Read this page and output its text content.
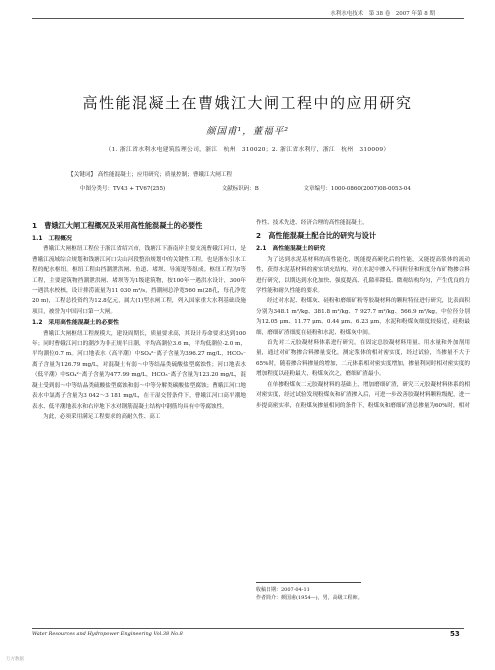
水利水电技术　第 38 卷　2007 年第 8 期
高性能混凝土在曹娥江大闸工程中的应用研究
颜国甫¹，董福平²
（1. 浙江省水利水电建筑监理公司，浙江　杭州　310020；2. 浙江省水利厅，浙江　杭州　310009）
【关键词】 高性能混凝土；应用研究；质量控制；曹娥江大闸工程
中图分类号：TV43 + TV67(255)	文献标识码：B	文章编号：1000-0860(2007)08-0053-04
1　曹娥江大闸工程概况及采用高性能混凝土的必要性
1.1　工程概况

曹娥江大闸枢纽工程位于浙江省绍兴市，钱塘江下游南岸主要支流曹娥江河口，是曹娥江流域综合规划和钱塘江河口尖山河段整治规划中的关键性工程，也是浙东引水工程的配水枢纽。枢纽工程由挡潮泄洪闸、鱼道、堵坝、导流堤等组成。枢纽工程为Ⅰ等工程，主要建筑物挡潮泄洪闸、堵坝等为1级建筑物，按100年一遇洪水设计，300年一遇洪水校核，设计排涝流量为11 030 m³/s，挡潮闸总净宽560 m(28孔，每孔净宽20 m)，工程总投资约为12.8亿元，属大(1)型水闸工程，列入国家重大水利基础设施项目，被誉为中国河口第一大闸。

1.2　采用高性能混凝土的必要性

曹娥江大闸枢纽工程规模大，建设周期长，质量要求高，其设计寿命要求达到100年；同时曹娥江河口的潮沙为非正规半日潮，平均高潮位3.6 m，平均低潮位-2.0 m，平均潮位0.7 m。河口地表水（高平潮）中SO₄²⁻离子含量为396.27 mg/L，HCO₃⁻离子含量为126.79 mg/L，对混凝土有弱～中等结晶类硫酸盐型腐蚀性；河口地表水（低平潮）中SO₄²⁻离子含量为477.99 mg/L，HCO₃⁻离子含量为123.20 mg/L，混凝土受到弱～中等结晶类硫酸盐型腐蚀和弱～中等分解类碳酸盐型腐蚀；曹娥江河口地表水中氯离子含量为3 042～3 181 mg/L，在干湿交替条件下，曹娥江河口高平潮地表水、低平潮地表水和右岸地下水对钢筋混凝土结构中钢筋均具有中等腐蚀性。

为此，必须采用满足工程要求的高耐久性、高工

作性、技术先进、经济合理的高性能混凝土。

2　高性能混凝土配合比的研究与设计
2.1　高性能混凝土的研究

为了达到水泥基材料的高性能化，既能提高硬化后的性能，又能提高浆体的流动性，获得水泥基材料的密实填充结构，对在水泥中掺入不同粒径和粒度分布矿物掺合料进行研究，以期达到水化加快、强度提高、孔隙率降低、微观结构均匀，产生优良的力学性能和耐久性能的要求。

经过对水泥、粉煤灰、硅粉和磨细矿粉等胶凝材料的颗粒特征进行研究，比表面积分别为348.1 m²/kg、381.8 m²/kg、7 927.7 m²/kg、566.9 m²/kg，中位径分别为12.05 μm、11.77 μm、0.44 μm、6.23 μm，水泥和粉煤灰细度较接近，硅粉最细，磨细矿渣细度在硅粉和水泥、粉煤灰中间。

首先对二元胶凝材料体系进行研究，在固定总胶凝材料用量、用水量和外加剂用量，通过对矿物掺合料掺量变化，测定浆体的相对密实度，经过试验，当掺量不大于65%时，随着掺合料掺量的增加，二元体系相对密实度增加，掺量利同时相对密实度的增加程度以硅粉最大，粉煤灰次之，磨细矿渣最小。

在单掺粉煤灰二元胶凝材料的基础上，增加磨细矿渣，研究三元胶凝材料体系的相对密实度，经过试验发现粉煤灰和矿渣掺入后，可进一步改善胶凝材料颗粒级配，进一步提高密实率，在粉煤灰掺量相同的条件下，粉煤灰和磨细矿渣总掺量为60%时，相对

收稿日期：2007-04-11
作者简介：颜国甫(1954—)，男，高级工程师。
Water Resources and Hydropower Engineering Vol.38 No.8	53
万方数据
